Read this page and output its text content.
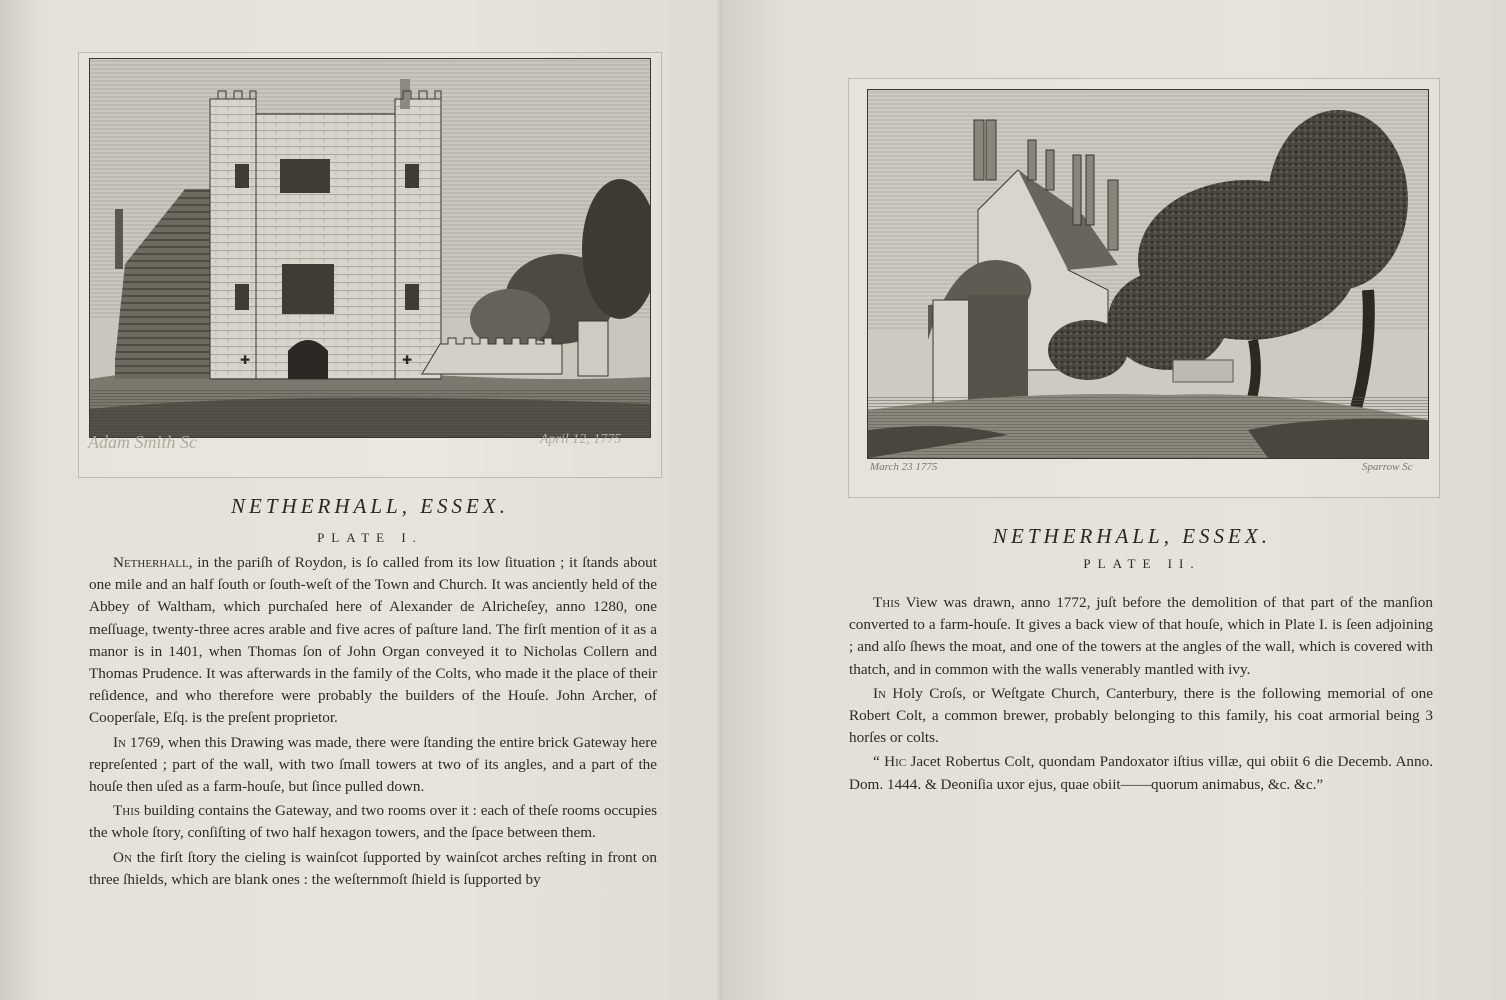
✚	✚
Adam Smith Sc	April 12, 1775
NETHERHALL, ESSEX.
PLATE I.

Netherhall, in the pariſh of Roydon, is ſo called from its low ſituation ; it ſtands about one mile and an half ſouth or ſouth-weſt of the Town and Church. It was anciently held of the Abbey of Waltham, which purchaſed here of Alexander de Alricheſey, anno 1280, one meſſuage, twenty-three acres arable and five acres of paſture land. The firſt mention of it as a manor is in 1401, when Thomas ſon of John Organ conveyed it to Nicholas Collern and Thomas Prudence. It was afterwards in the family of the Colts, who made it the place of their reſidence, and who therefore were probably the builders of the Houſe. John Archer, of Cooperſale, Eſq. is the preſent proprietor.

In 1769, when this Drawing was made, there were ſtanding the entire brick Gateway here repreſented ; part of the wall, with two ſmall towers at two of its angles, and a part of the houſe then uſed as a farm-houſe, but ſince pulled down.

This building contains the Gateway, and two rooms over it : each of theſe rooms occupies the whole ſtory, conſiſting of two half hexagon towers, and the ſpace between them.

On the firſt ſtory the cieling is wainſcot ſupported by wainſcot arches reſting in front on three ſhields, which are blank ones : the weſternmoſt ſhield is ſupported by

March 23 1775	Sparrow Sc
NETHERHALL, ESSEX.
PLATE II.

This View was drawn, anno 1772, juſt before the demolition of that part of the manſion converted to a farm-houſe. It gives a back view of that houſe, which in Plate I. is ſeen adjoining ; and alſo ſhews the moat, and one of the towers at the angles of the wall, which is covered with thatch, and in common with the walls venerably mantled with ivy.

In Holy Croſs, or Weſtgate Church, Canterbury, there is the following memorial of one Robert Colt, a common brewer, probably belonging to this family, his coat armorial being 3 horſes or colts.

“ Hic Jacet Robertus Colt, quondam Pandoxator iſtius villæ, qui obiit 6 die Decemb. Anno. Dom. 1444. & Deoniſia uxor ejus, quae obiit——quorum animabus, &c. &c.”
